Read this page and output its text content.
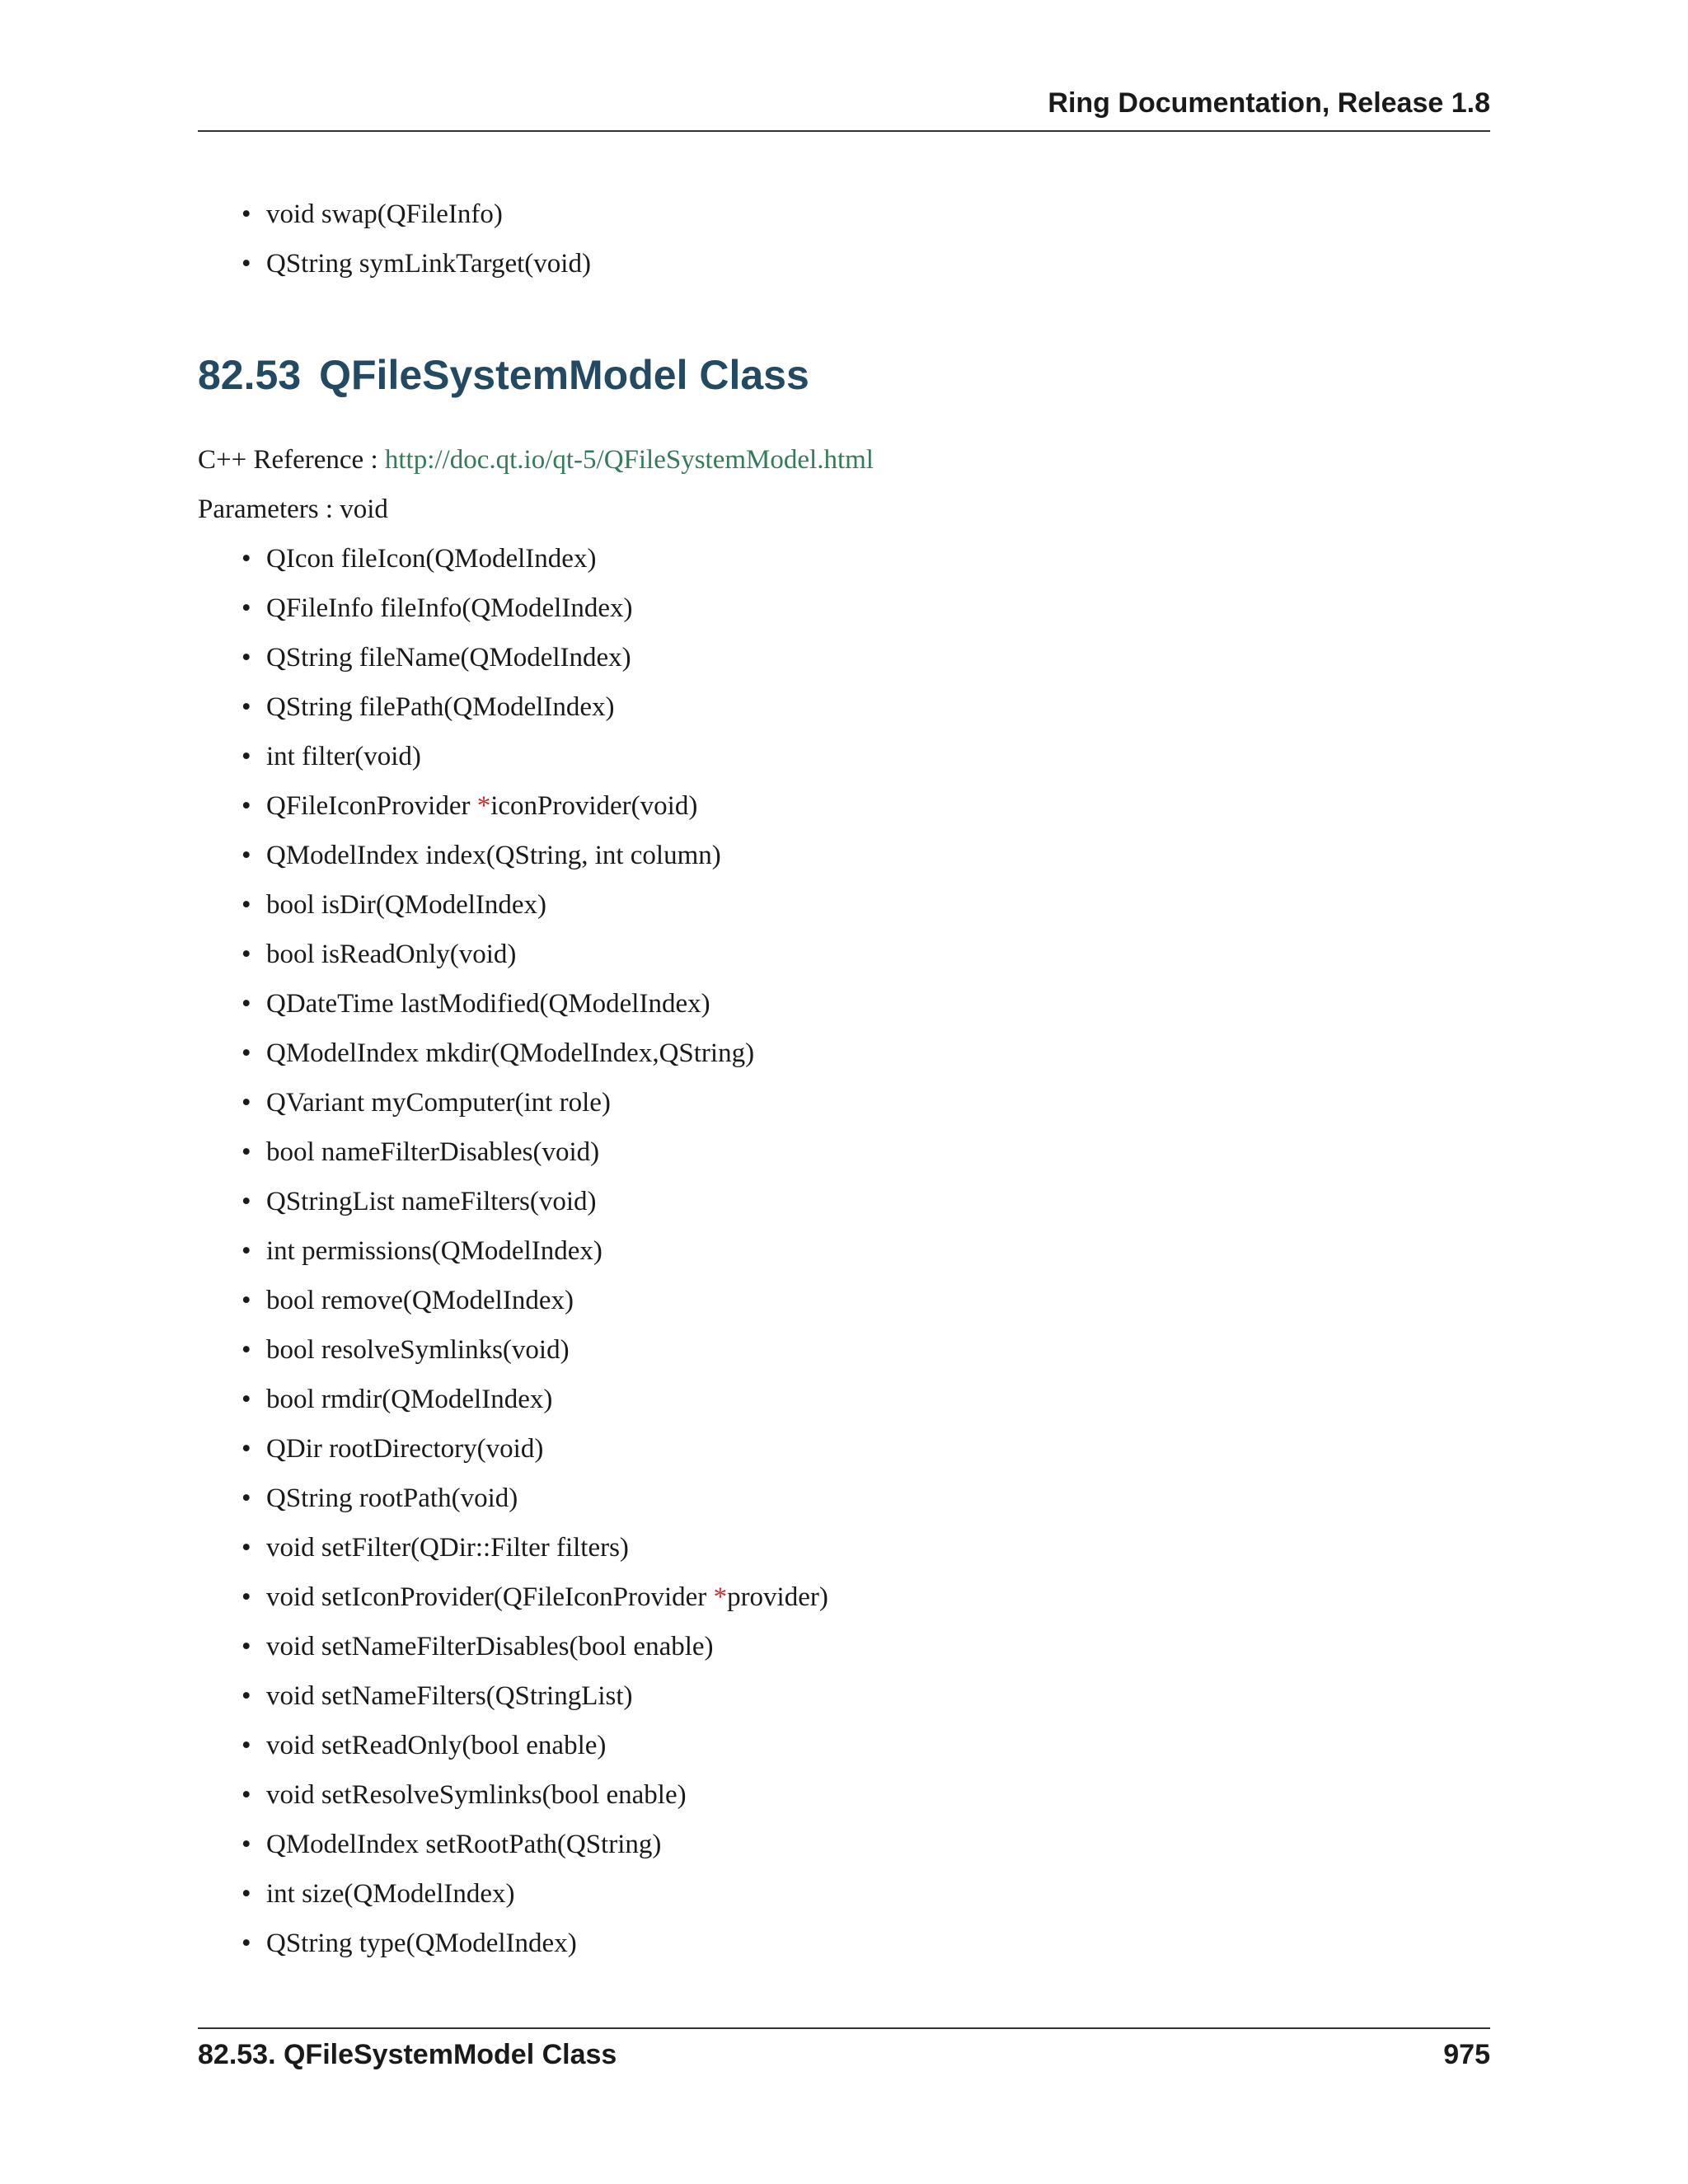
Ring Documentation, Release 1.8
• void swap(QFileInfo)
• QString symLinkTarget(void)
82.53 QFileSystemModel Class
C++ Reference : http://doc.qt.io/qt-5/QFileSystemModel.html
Parameters : void
• QIcon fileIcon(QModelIndex)
• QFileInfo fileInfo(QModelIndex)
• QString fileName(QModelIndex)
• QString filePath(QModelIndex)
• int filter(void)
• QFileIconProvider *iconProvider(void)
• QModelIndex index(QString, int column)
• bool isDir(QModelIndex)
• bool isReadOnly(void)
• QDateTime lastModified(QModelIndex)
• QModelIndex mkdir(QModelIndex,QString)
• QVariant myComputer(int role)
• bool nameFilterDisables(void)
• QStringList nameFilters(void)
• int permissions(QModelIndex)
• bool remove(QModelIndex)
• bool resolveSymlinks(void)
• bool rmdir(QModelIndex)
• QDir rootDirectory(void)
• QString rootPath(void)
• void setFilter(QDir::Filter filters)
• void setIconProvider(QFileIconProvider *provider)
• void setNameFilterDisables(bool enable)
• void setNameFilters(QStringList)
• void setReadOnly(bool enable)
• void setResolveSymlinks(bool enable)
• QModelIndex setRootPath(QString)
• int size(QModelIndex)
• QString type(QModelIndex)
82.53. QFileSystemModel Class	975
